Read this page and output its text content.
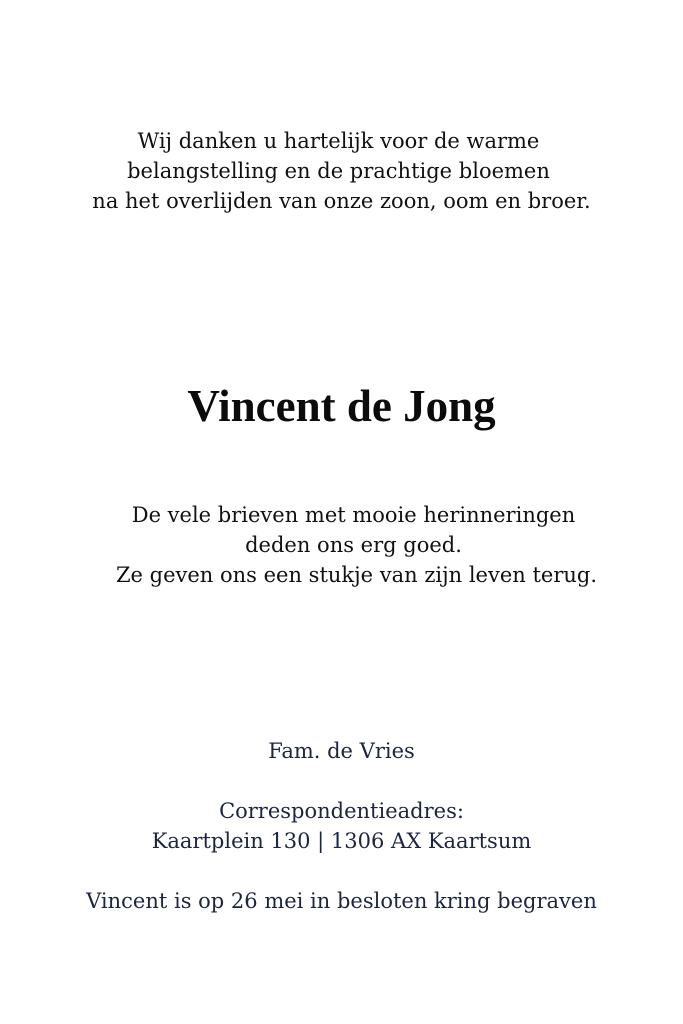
Wij danken u hartelijk voor de warme
belangstelling en de prachtige bloemen
na het overlijden van onze zoon, oom en broer.
Vincent de Jong
De vele brieven met mooie herinneringen
deden ons erg goed.
Ze geven ons een stukje van zijn leven terug.
Fam. de Vries
Correspondentieadres:
Kaartplein 130 | 1306 AX Kaartsum
Vincent is op 26 mei in besloten kring begraven
